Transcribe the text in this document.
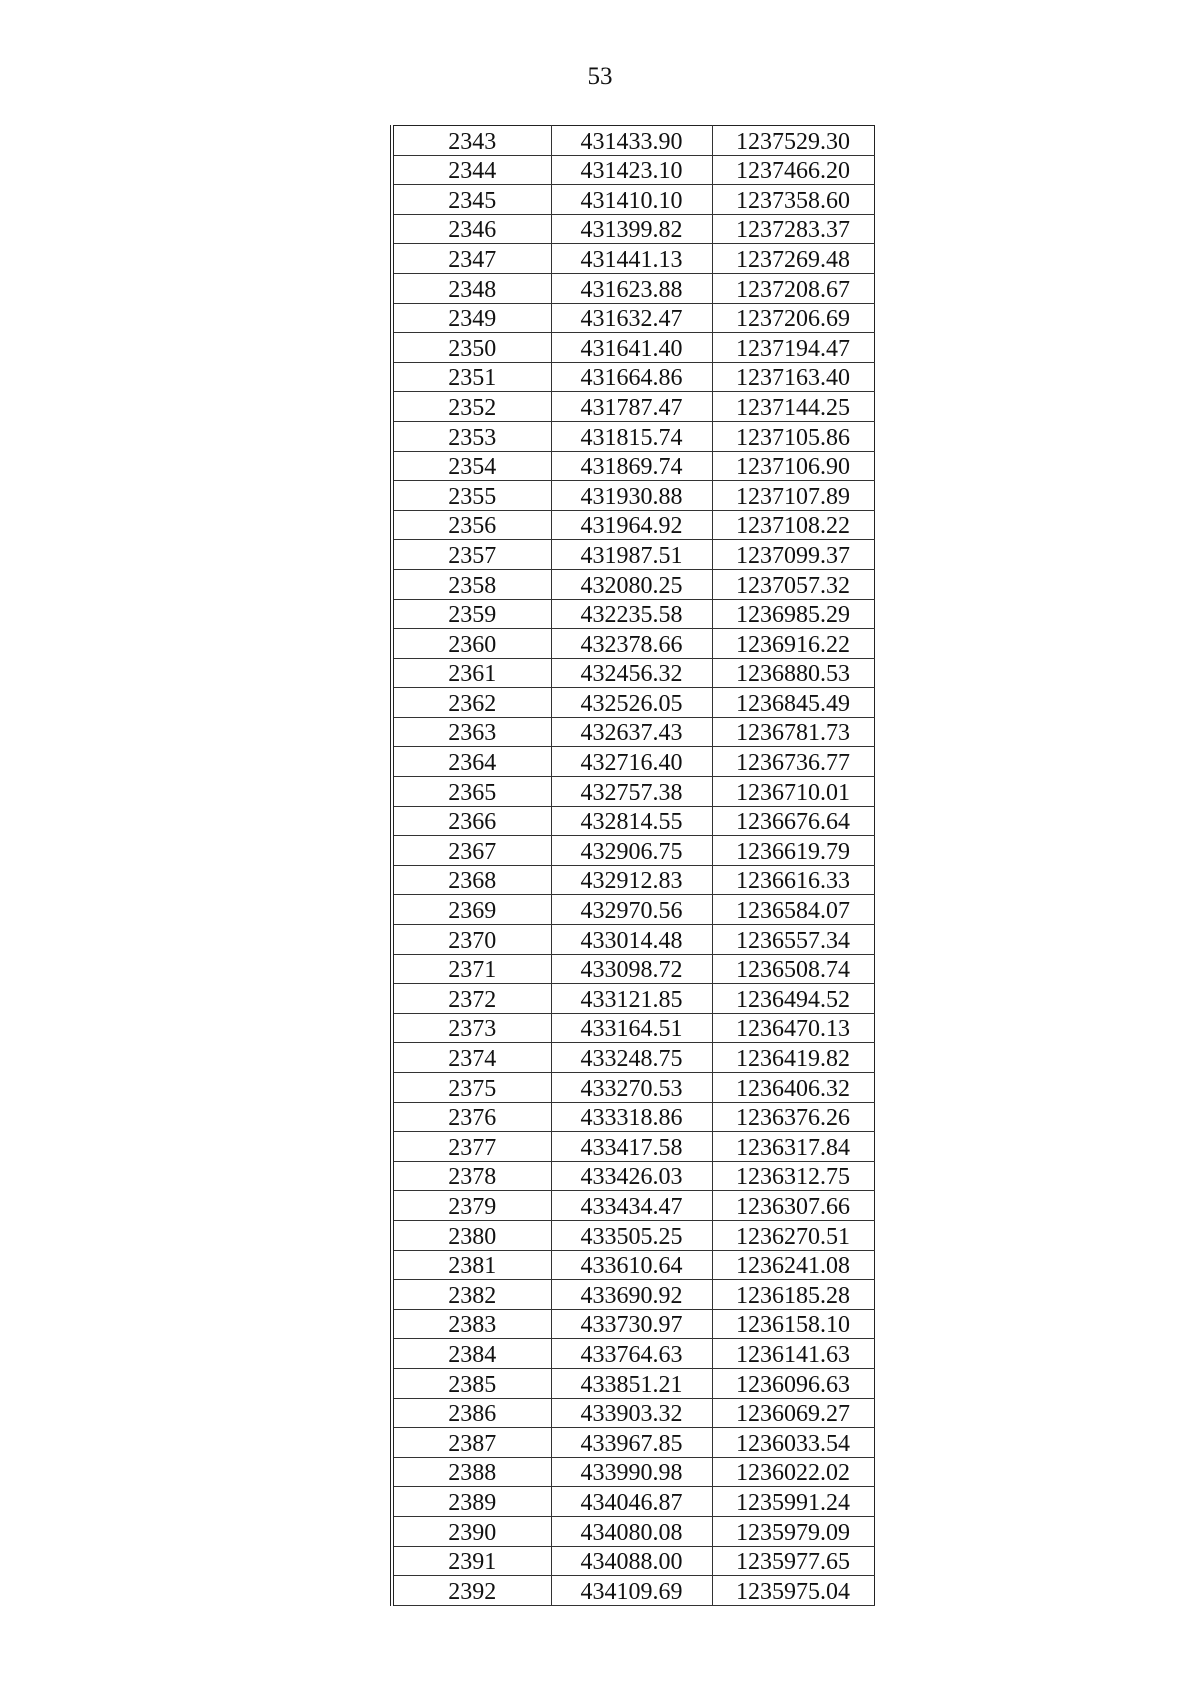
53
2343	431433.90	1237529.30
2344	431423.10	1237466.20
2345	431410.10	1237358.60
2346	431399.82	1237283.37
2347	431441.13	1237269.48
2348	431623.88	1237208.67
2349	431632.47	1237206.69
2350	431641.40	1237194.47
2351	431664.86	1237163.40
2352	431787.47	1237144.25
2353	431815.74	1237105.86
2354	431869.74	1237106.90
2355	431930.88	1237107.89
2356	431964.92	1237108.22
2357	431987.51	1237099.37
2358	432080.25	1237057.32
2359	432235.58	1236985.29
2360	432378.66	1236916.22
2361	432456.32	1236880.53
2362	432526.05	1236845.49
2363	432637.43	1236781.73
2364	432716.40	1236736.77
2365	432757.38	1236710.01
2366	432814.55	1236676.64
2367	432906.75	1236619.79
2368	432912.83	1236616.33
2369	432970.56	1236584.07
2370	433014.48	1236557.34
2371	433098.72	1236508.74
2372	433121.85	1236494.52
2373	433164.51	1236470.13
2374	433248.75	1236419.82
2375	433270.53	1236406.32
2376	433318.86	1236376.26
2377	433417.58	1236317.84
2378	433426.03	1236312.75
2379	433434.47	1236307.66
2380	433505.25	1236270.51
2381	433610.64	1236241.08
2382	433690.92	1236185.28
2383	433730.97	1236158.10
2384	433764.63	1236141.63
2385	433851.21	1236096.63
2386	433903.32	1236069.27
2387	433967.85	1236033.54
2388	433990.98	1236022.02
2389	434046.87	1235991.24
2390	434080.08	1235979.09
2391	434088.00	1235977.65
2392	434109.69	1235975.04
